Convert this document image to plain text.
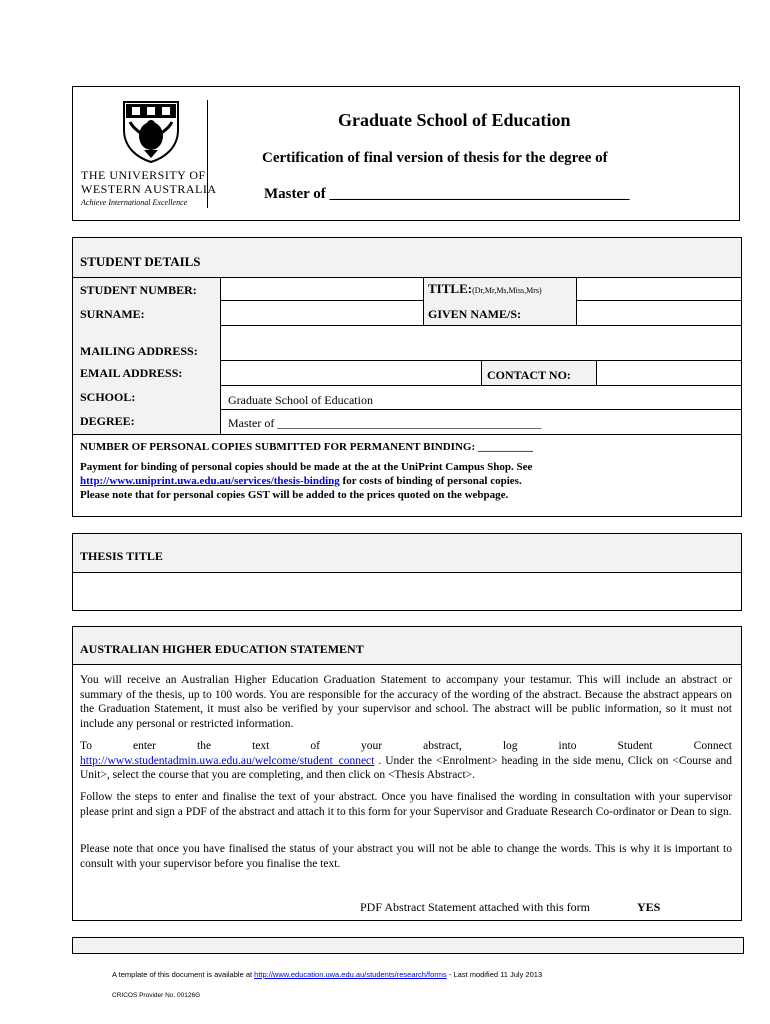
THE UNIVERSITY OF
WESTERN AUSTRALIA
Achieve International Excellence
Graduate School of Education
Certification of final version of thesis for the degree of
Master of ________________________________________
STUDENT DETAILS
STUDENT NUMBER:	TITLE:(Dr,Mr,Ms,Miss,Mrs)
SURNAME:	GIVEN NAME/S:
MAILING ADDRESS:
EMAIL ADDRESS:	CONTACT NO:
SCHOOL:	Graduate School of Education
DEGREE:	Master of ____________________________________________
NUMBER OF PERSONAL COPIES SUBMITTED FOR PERMANENT BINDING: __________
Payment for binding of personal copies should be made at the at the UniPrint Campus Shop. See
http://www.uniprint.uwa.edu.au/services/thesis-binding for costs of binding of personal copies.
Please note that for personal copies GST will be added to the prices quoted on the webpage.
THESIS TITLE
AUSTRALIAN HIGHER EDUCATION STATEMENT
You will receive an Australian Higher Education Graduation Statement to accompany your testamur. This will include an abstract or summary of the thesis, up to 100 words. You are responsible for the accuracy of the wording of the abstract. Because the abstract appears on the Graduation Statement, it must also be verified by your supervisor and school. The abstract will be public information, so it must not include any personal or restricted information.
To enter the text of your abstract, log into Student Connect
http://www.studentadmin.uwa.edu.au/welcome/student_connect . Under the <Enrolment> heading in the side menu, Click on <Course and Unit>, select the course that you are completing, and then click on <Thesis Abstract>.
Follow the steps to enter and finalise the text of your abstract. Once you have finalised the wording in consultation with your supervisor please print and sign a PDF of the abstract and attach it to this form for your Supervisor and Graduate Research Co-ordinator or Dean to sign.
Please note that once you have finalised the status of your abstract you will not be able to change the words. This is why it is important to consult with your supervisor before you finalise the text.
PDF Abstract Statement attached with this form	YES
A template of this document is available at http://www.education.uwa.edu.au/students/research/forms - Last modified 11 July 2013
CRICOS Provider No. 00126G
